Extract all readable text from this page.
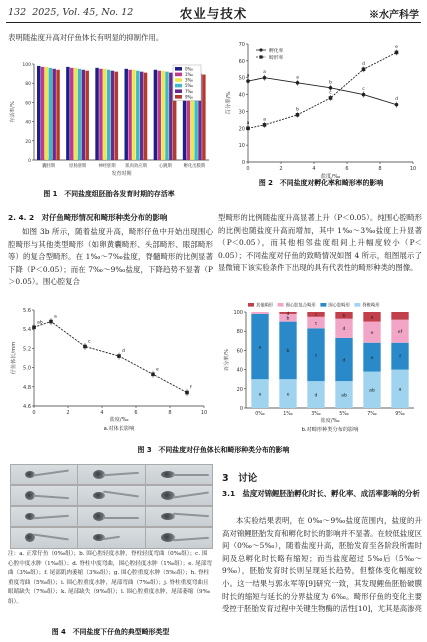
132 2025, Vol. 45, No. 12	农业与技术	※水产科学
表明随盐度升高对仔鱼体长有明显的抑制作用。
0
20
40
60
80
100
存活率/%
囊胚期	原肠胚期	神经胚期 肌肉效应期	心跳期	孵化出膜期
发育时期
0‰
1‰
3‰
5‰
7‰
9‰
图 1　不同盐度组胚胎各发育时期的存活率
0
10
20
30
40
50
60
70
0	2	4	6	8	10
百分率/%
盐度/‰
a
a
a
b
c
d
a
a
b
c
d
e
孵化率
畸形率
图 2　不同盐度对孵化率和畸形率的影响
2. 4. 2　对仔鱼畸形情况和畸形种类分布的影响
如图 3b 所示，随着盐度升高，畸形仔鱼中开始出现围心腔畸形与其他类型畸形（如卵黄囊畸形、头部畸形、眼部畸形等）的复合型畸形。在 1‰～7‰盐度，脊髓畸形的比例显著下降（P＜0.05）；而在 7‰～9‰盐度，下降趋势不显著（P＞0.05）。围心腔复合
型畸形的比例随盐度升高显著上升（P＜0.05）。纯围心腔畸形的比例也随盐度升高而增加，其中 1‰～3‰盐度上升显著（P＜0.05），而其他相邻盐度组间上升幅度较小（P＜0.05）；不同盐度对仔鱼的致畸情况如图 4 所示，组图展示了显微镜下该实验条件下出现的具有代表性的畸形种类的图像。
4.6
4.8
5.0
5.2
5.4
5.6
0	2	4	6	8	10
仔鱼体长/mm
盐度/‰
ab
a
c
d
e
f
a.对体长影响
0
20
40
60
80
100
百分率/%
e
a
0‰
e
b
b
d
1‰
d
c
c
c
3‰
ab
d
d
b
5‰
ab
e
e
a
7‰
a
f
ef
9‰
盐度/‰
b.对畸形种类分布的影响
其他畸形	围心腔复合畸形	围心腔畸形	脊椎畸形
图 3　不同盐度对仔鱼体长和畸形种类分布的影响
注：a. 正常仔鱼（0‰组）；b. 围心腔轻度水肿，脊柱轻度弯曲（0‰组）；c. 围心腔中度水肿（1‰组）；d. 脊柱中度弯曲，围心腔轻度水肿（1‰组）；e. 尾部弯曲（3‰组）；f. 尾部肌肉萎缩（3‰组）；g. 围心腔重度水肿（5‰组）；h. 脊柱重度弯曲（5‰组）；i. 围心腔重度水肿，尾部弯曲（7‰组）；j. 脊柱重度弯曲且眼睛缺失（7‰组）；k. 尾部缺失（9‰组）；l. 围心腔重度水肿，尾部萎缩（9‰组）。
图 4　不同盐度下仔鱼的典型畸形类型
3　讨论
3.1　盐度对锦鲤胚胎孵化时长、孵化率、成活率影响的分析
本实验结果表明，在 0‰～9‰盐度范围内，盐度的升高对锦鲤胚胎发育和孵化时长的影响并不显著。在较低盐度区间（0‰～5‰），随着盐度升高，胚胎发育至各阶段所需时间及总孵化时长略有缩短；而当盐度超过 5‰后（5‰～9‰），胚胎发育时长则呈现延长趋势，但整体变化幅度较小。这一结果与郭永军等[9]研究一致，其发现鲤鱼胚胎破膜时长的缩短与延长的分界盐度为 6‰。畸形仔鱼的变化主要受控于胚胎发育过程中关键生物酶的活性[10]，尤其是高渗亮
